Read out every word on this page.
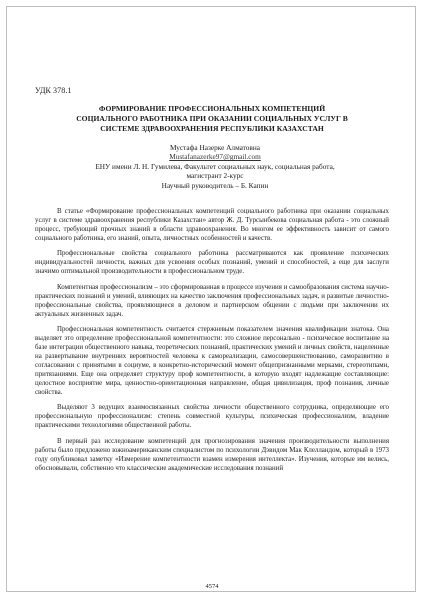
УДК 378.1
ФОРМИРОВАНИЕ ПРОФЕССИОНАЛЬНЫХ КОМПЕТЕНЦИЙ
СОЦИАЛЬНОГО РАБОТНИКА ПРИ ОКАЗАНИИ СОЦИАЛЬНЫХ УСЛУГ В
СИСТЕМЕ ЗДРАВООХРАНЕНИЯ РЕСПУБЛИКИ КАЗАХСТАН
Мустафа Назерке Алматовна
Mustafanazerke97@gmail.com
ЕНУ имени Л. Н. Гумилева, Факультет социальных наук, социальная работа,
магистрант 2-курс
Научный руководитель – Б. Капин

В статье «Формирование профессиональных компетенций социального работника при оказании социальных услуг в системе здравоохранения республики Казахстан» автор Ж. Д. Турсынбекова социальная работа - это сложный процесс, требующий прочных знаний в области здравоохранения. Во многом ее эффективность зависит от самого социального работника, его знаний, опыта, личностных особенностей и качеств.

Профессиональные свойства социального работника рассматриваются как проявление психических индивидуальностей личности, важных для усвоения особых познаний, умений и способностей, а еще для заслуги значимо оптимальной производительности в профессиональном труде.

Компетентная профессионализм – это сформированная в процессе изучения и самообразования система научно- практических познаний и умений, влияющих на качество заключения профессиональных задач, и развитые личностно-профессиональные свойства, проявляющиеся в деловом и партнерском общении с людьми при заключении их актуальных жизненных задач.

Профессиональная компетентность считается стержневым показателем значения квалификации знатока. Она выделяет это определение профессиональной компетентности: это сложное персонально - психическое воспитание на базе интеграции общественного навыка, теоретических познаний, практических умений и личных свойств, нацеленные на развертывание внутренних вероятностей человека к самореализации, самосовершенствованию, саморазвитию в согласовании с принятыми в социуме, в конкретно-исторический момент общепризнанными мерками, стереотипами, притязаниями. Еще она определяет структуру проф компетентности, в которую входят надлежащие составляющие: целостное восприятие мира, ценностно-ориентационная направление, общая цивилизация, проф познания, личные свойства.

Выделяют 3 ведущих взаимосвязанных свойства личности общественного сотрудника, определяющие его профессиональную профессионализм: степень совместной культуры, психическая профессионализм, владение практическими технологиями общественной работы.

В первый раз исследование компетенций для прогнозирования значения производительности выполнения работы было предложено южноамериканским специалистом по психологии Дэвидом Мак Клелландом, который в 1973 году опубликовал заметку «Измерение компетентности взамен измерения интеллекта». Изучения, которые им велись, обосновывали, собственно что классические академические исследования познаний

4574
